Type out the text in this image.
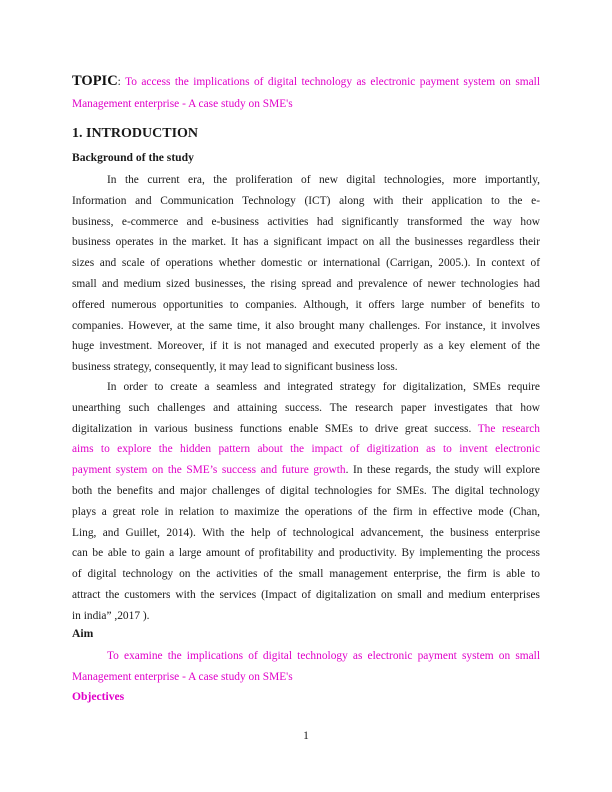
TOPIC: To access the implications of digital technology as electronic payment system on small Management enterprise - A case study on SME's
1. INTRODUCTION
Background of the study
In the current era, the proliferation of new digital technologies, more importantly,
Information and Communication Technology (ICT) along with their application to the e-
business, e-commerce and e-business activities had significantly transformed the way how
business operates in the market. It has a significant impact on all the businesses regardless their
sizes and scale of operations whether domestic or international (Carrigan, 2005.). In context of
small and medium sized businesses, the rising spread and prevalence of newer technologies had
offered numerous opportunities to companies. Although, it offers large number of benefits to
companies. However, at the same time, it also brought many challenges. For instance, it involves
huge investment. Moreover, if it is not managed and executed properly as a key element of the
business strategy, consequently, it may lead to significant business loss.
In order to create a seamless and integrated strategy for digitalization, SMEs require
unearthing such challenges and attaining success. The research paper investigates that how
digitalization in various business functions enable SMEs to drive great success. The research
aims to explore the hidden pattern about the impact of digitization as to invent electronic
payment system on the SME’s success and future growth. In these regards, the study will explore
both the benefits and major challenges of digital technologies for SMEs. The digital technology
plays a great role in relation to maximize the operations of the firm in effective mode (Chan,
Ling, and Guillet, 2014). With the help of technological advancement, the business enterprise
can be able to gain a large amount of profitability and productivity. By implementing the process
of digital technology on the activities of the small management enterprise, the firm is able to
attract the customers with the services (Impact of digitalization on small and medium enterprises
in india” ,2017 ).
Aim
To examine the implications of digital technology as electronic payment system on small
Management enterprise - A case study on SME's
Objectives
1
